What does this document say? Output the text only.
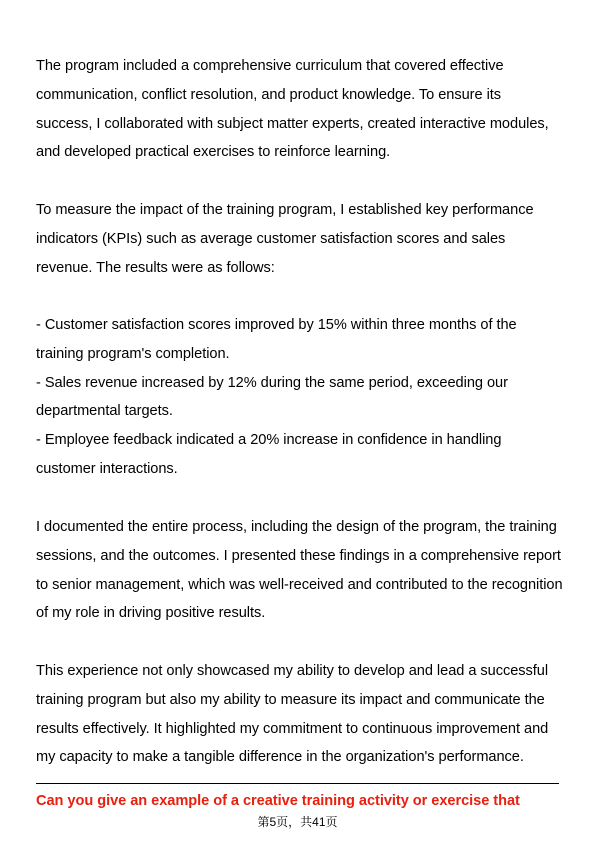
The program included a comprehensive curriculum that covered effective
communication, conflict resolution, and product knowledge. To ensure its
success, I collaborated with subject matter experts, created interactive modules,
and developed practical exercises to reinforce learning.
To measure the impact of the training program, I established key performance
indicators (KPIs) such as average customer satisfaction scores and sales
revenue. The results were as follows:
- Customer satisfaction scores improved by 15% within three months of the
training program's completion.
- Sales revenue increased by 12% during the same period, exceeding our
departmental targets.
- Employee feedback indicated a 20% increase in confidence in handling
customer interactions.
I documented the entire process, including the design of the program, the training
sessions, and the outcomes. I presented these findings in a comprehensive report
to senior management, which was well-received and contributed to the recognition
of my role in driving positive results.
This experience not only showcased my ability to develop and lead a successful
training program but also my ability to measure its impact and communicate the
results effectively. It highlighted my commitment to continuous improvement and
my capacity to make a tangible difference in the organization's performance.
Can you give an example of a creative training activity or exercise that
第5页，共41页
